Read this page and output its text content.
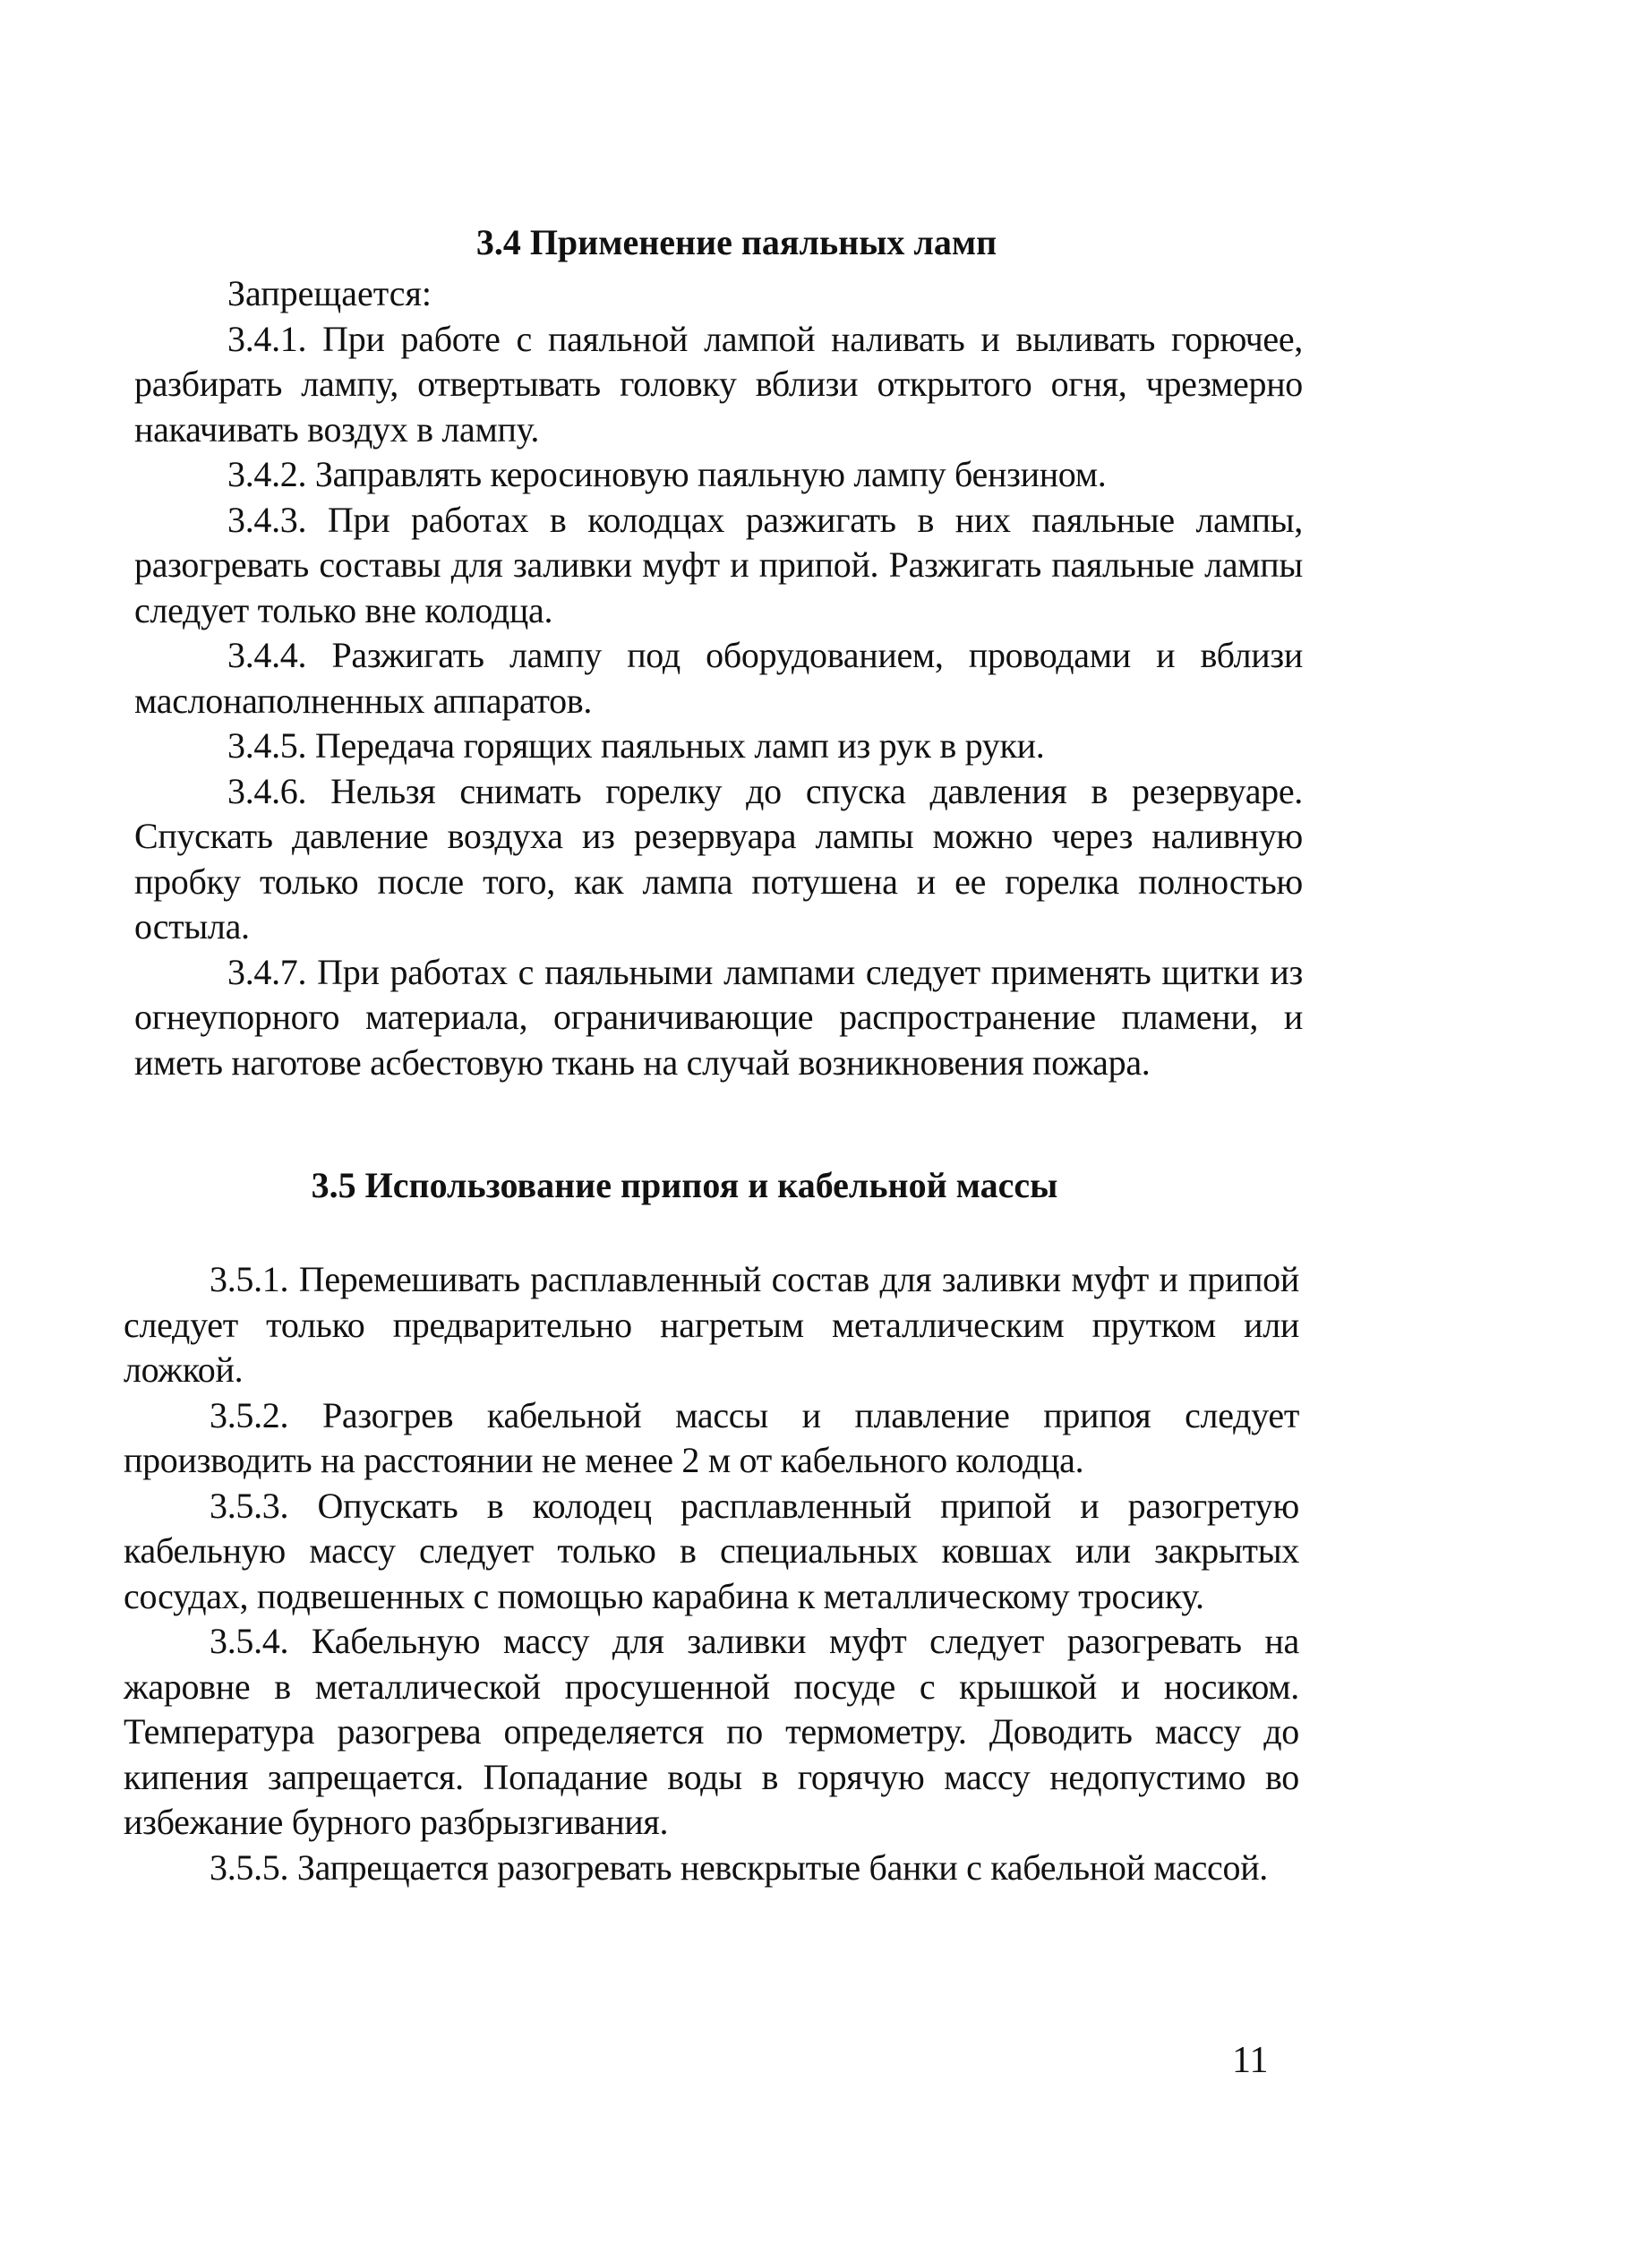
3.4 Применение паяльных ламп

Запрещается:

3.4.1. При работе с паяльной лампой наливать и выливать горючее, разбирать лампу, отвертывать головку вблизи открытого огня, чрезмерно накачивать воздух в лампу.

3.4.2. Заправлять керосиновую паяльную лампу бензином.

3.4.3. При работах в колодцах разжигать в них паяльные лампы, разогревать составы для заливки муфт и припой. Разжигать паяльные лампы следует только вне колодца.

3.4.4. Разжигать лампу под оборудованием, проводами и вблизи маслонаполненных аппаратов.

3.4.5. Передача горящих паяльных ламп из рук в руки.

3.4.6. Нельзя снимать горелку до спуска давления в резервуаре. Спускать давление воздуха из резервуара лампы можно через наливную пробку только после того, как лампа потушена и ее горелка полностью остыла.

3.4.7. При работах с паяльными лампами следует применять щитки из огнеупорного материала, ограничивающие распространение пламени, и иметь наготове асбестовую ткань на случай возникновения пожара.

3.5 Использование припоя и кабельной массы

3.5.1. Перемешивать расплавленный состав для заливки муфт и припой следует только предварительно нагретым металлическим прутком или ложкой.

3.5.2. Разогрев кабельной массы и плавление припоя следует производить на расстоянии не менее 2 м от кабельного колодца.

3.5.3. Опускать в колодец расплавленный припой и разогретую кабельную массу следует только в специальных ковшах или закрытых сосудах, подвешенных с помощью карабина к металлическому тросику.

3.5.4. Кабельную массу для заливки муфт следует разогревать на жаровне в металлической просушенной посуде с крышкой и носиком. Температура разогрева определяется по термометру. Доводить массу до кипения запрещается. Попадание воды в горячую массу недопустимо во избежание бурного разбрызгивания.

3.5.5. Запрещается разогревать невскрытые банки с кабельной массой.

11
